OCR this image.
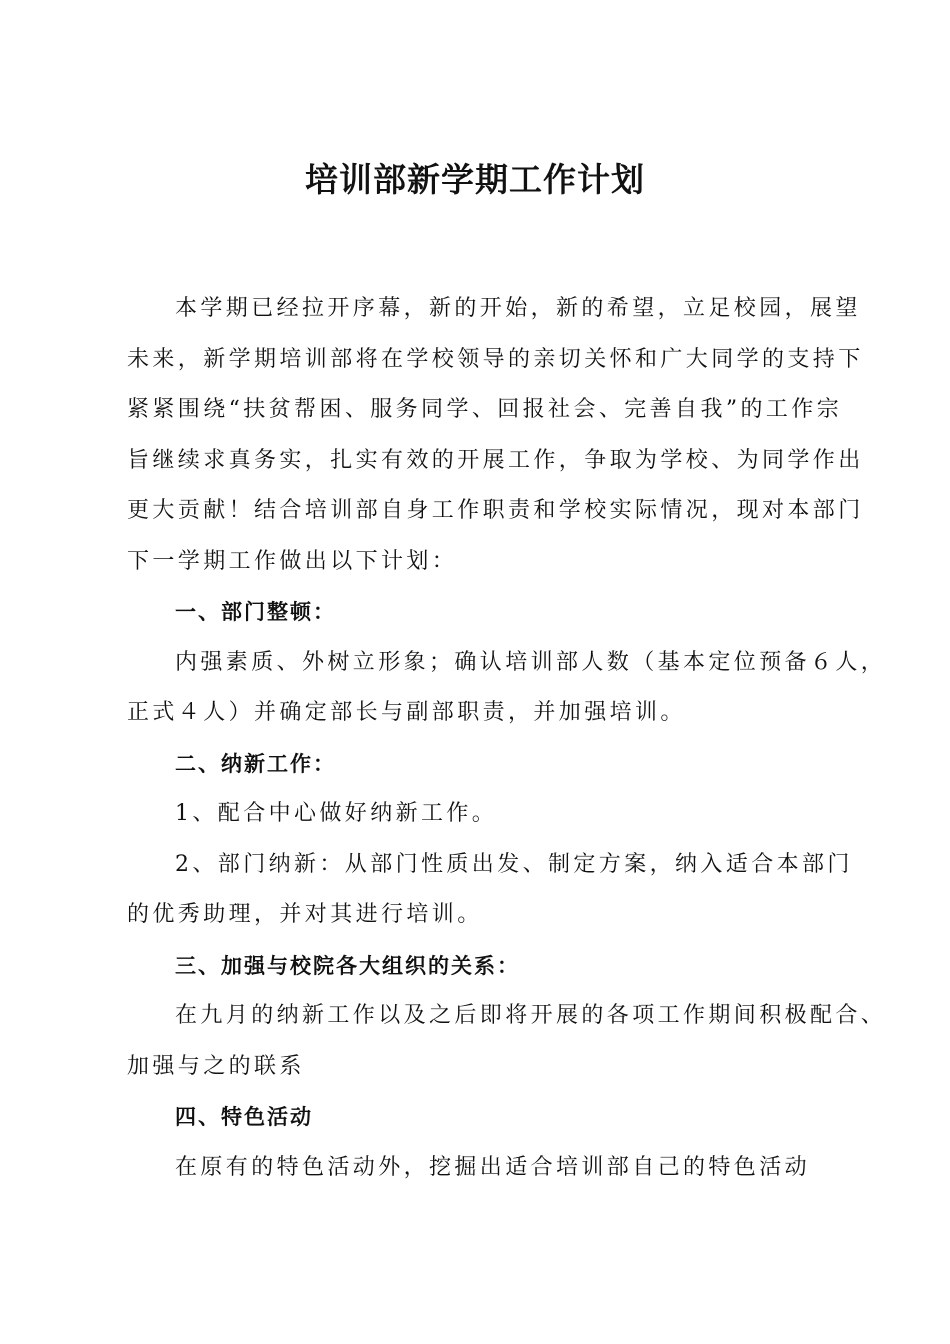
培训部新学期工作计划
本学期已经拉开序幕，新的开始，新的希望，立足校园，展望
未来，新学期培训部将在学校领导的亲切关怀和广大同学的支持下
紧紧围绕“扶贫帮困、服务同学、回报社会、完善自我”的工作宗
旨继续求真务实，扎实有效的开展工作，争取为学校、为同学作出
更大贡献！结合培训部自身工作职责和学校实际情况，现对本部门
下一学期工作做出以下计划：
一、部门整顿：
内强素质、外树立形象；确认培训部人数（基本定位预备６人，
正式４人）并确定部长与副部职责，并加强培训。
二、纳新工作：
1、配合中心做好纳新工作。
2、部门纳新：从部门性质出发、制定方案，纳入适合本部门
的优秀助理，并对其进行培训。
三、加强与校院各大组织的关系：
在九月的纳新工作以及之后即将开展的各项工作期间积极配合、
加强与之的联系
四、特色活动
在原有的特色活动外，挖掘出适合培训部自己的特色活动
